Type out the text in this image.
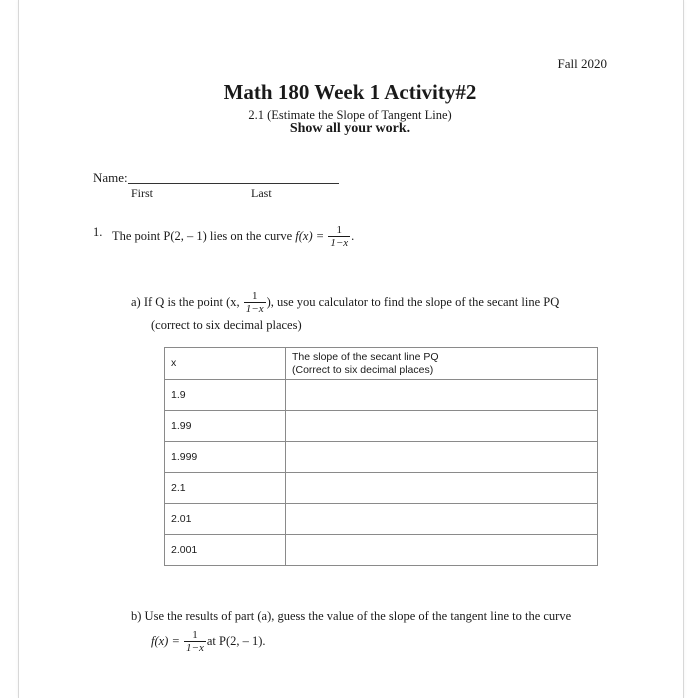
Fall 2020
Math 180 Week 1 Activity#2
2.1 (Estimate the Slope of Tangent Line)
Show all your work.
Name:
First	Last
1. The point P(2, – 1) lies on the curve $f(x) = \frac{1}{1-x}$ .
a) If Q is the point (x, $\frac{1}{1-x}$ ), use you calculator to find the slope of the secant line PQ
(correct to six decimal places)
x	The slope of the secant line PQ
(Correct to six decimal places)
1.9	
1.99	
1.999	
2.1	
2.01	
2.001	
b) Use the results of part (a), guess the value of the slope of the tangent line to the curve
$f(x) = \frac{1}{1-x}$ at P(2, – 1).
